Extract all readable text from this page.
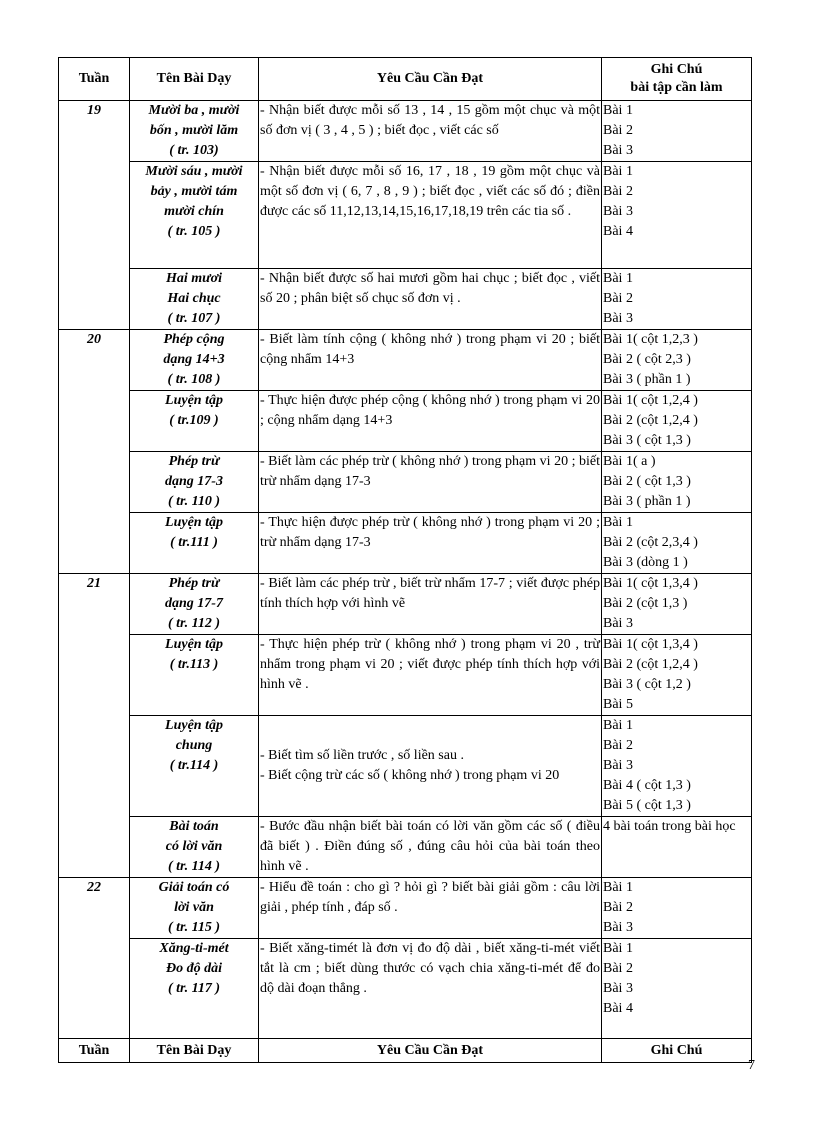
Tuần	Tên Bài Dạy	Yêu Cầu Cần Đạt	Ghi Chú
bài tập cần làm

19	Mười ba , mười
bốn , mười lăm
( tr. 103)	- Nhận biết được mỗi số 13 , 14 , 15 gồm một chục và một số đơn vị ( 3 , 4 , 5 ) ; biết đọc , viết các số	Bài 1
Bài 2
Bài 3

	Mười sáu , mười
bảy , mười tám
mười chín
( tr. 105 )	- Nhận biết được mỗi số 16, 17 , 18 , 19 gồm một chục và một số đơn vị ( 6, 7 , 8 , 9 ) ; biết đọc , viết các số đó ; điền được các số 11,12,13,14,15,16,17,18,19 trên các tia số .	Bài 1
Bài 2
Bài 3
Bài 4

	Hai mươi
Hai chục
( tr. 107 )	- Nhận biết được số hai mươi gồm hai chục ; biết đọc , viết số 20 ; phân biệt số chục số đơn vị .	Bài 1
Bài 2
Bài 3

20	Phép cộng
dạng 14+3
( tr. 108 )	- Biết làm tính cộng ( không nhớ ) trong phạm vi 20 ; biết cộng nhẩm 14+3	Bài 1( cột 1,2,3 )
Bài 2 ( cột 2,3 )
Bài 3 ( phần 1 )

	Luyện tập
( tr.109 )	- Thực hiện được phép cộng ( không nhớ ) trong phạm vi 20 ; cộng nhẩm dạng 14+3	Bài 1( cột 1,2,4 )
Bài 2 (cột 1,2,4 )
Bài 3 ( cột 1,3 )

	Phép trừ
dạng 17-3
( tr. 110 )	- Biết làm các phép trừ ( không nhớ ) trong phạm vi 20 ; biết trừ nhẩm dạng 17-3	Bài 1( a )
Bài 2 ( cột 1,3 )
Bài 3 ( phần 1 )

	Luyện tập
( tr.111 )	- Thực hiện được phép trừ ( không nhớ ) trong phạm vi 20 ; trừ nhẩm dạng 17-3	Bài 1
Bài 2 (cột 2,3,4 )
Bài 3 (dòng 1 )

21	Phép trừ
dạng 17-7
( tr. 112 )	- Biết làm các phép trừ , biết trừ nhẩm 17-7 ; viết được phép tính thích hợp với hình vẽ	Bài 1( cột 1,3,4 )
Bài 2 (cột 1,3 )
Bài 3

	Luyện tập
( tr.113 )	- Thực hiện phép trừ ( không nhớ ) trong phạm vi 20 , trừ nhẩm trong phạm vi 20 ; viết được phép tính thích hợp với hình vẽ .	Bài 1( cột 1,3,4 )
Bài 2 (cột 1,2,4 )
Bài 3 ( cột 1,2 )
Bài 5

	Luyện tập
chung
( tr.114 )	- Biết tìm số liền trước , số liền sau .
- Biết cộng trừ các số ( không nhớ ) trong phạm vi 20	Bài 1
Bài 2
Bài 3
Bài 4 ( cột 1,3 )
Bài 5 ( cột 1,3 )

	Bài toán
có lời văn
( tr. 114 )	- Bước đầu nhận biết bài toán có lời văn gồm các số ( điều đã biết ) . Điền đúng số , đúng câu hỏi của bài toán theo hình vẽ .	4 bài toán trong bài học

22	Giải toán có
lời văn
( tr. 115 )	- Hiểu đề toán : cho gì ? hỏi gì ? biết bài giải gồm : câu lời giải , phép tính , đáp số .	Bài 1
Bài 2
Bài 3

	Xăng-ti-mét
Đo độ dài
( tr. 117 )	- Biết xăng-timét là đơn vị đo độ dài , biết xăng-ti-mét viết tắt là cm ; biết dùng thước có vạch chia xăng-ti-mét để đo dộ dài đoạn thẳng .	Bài 1
Bài 2
Bài 3
Bài 4

Tuần	Tên Bài Dạy	Yêu Cầu Cần Đạt	Ghi Chú
7
